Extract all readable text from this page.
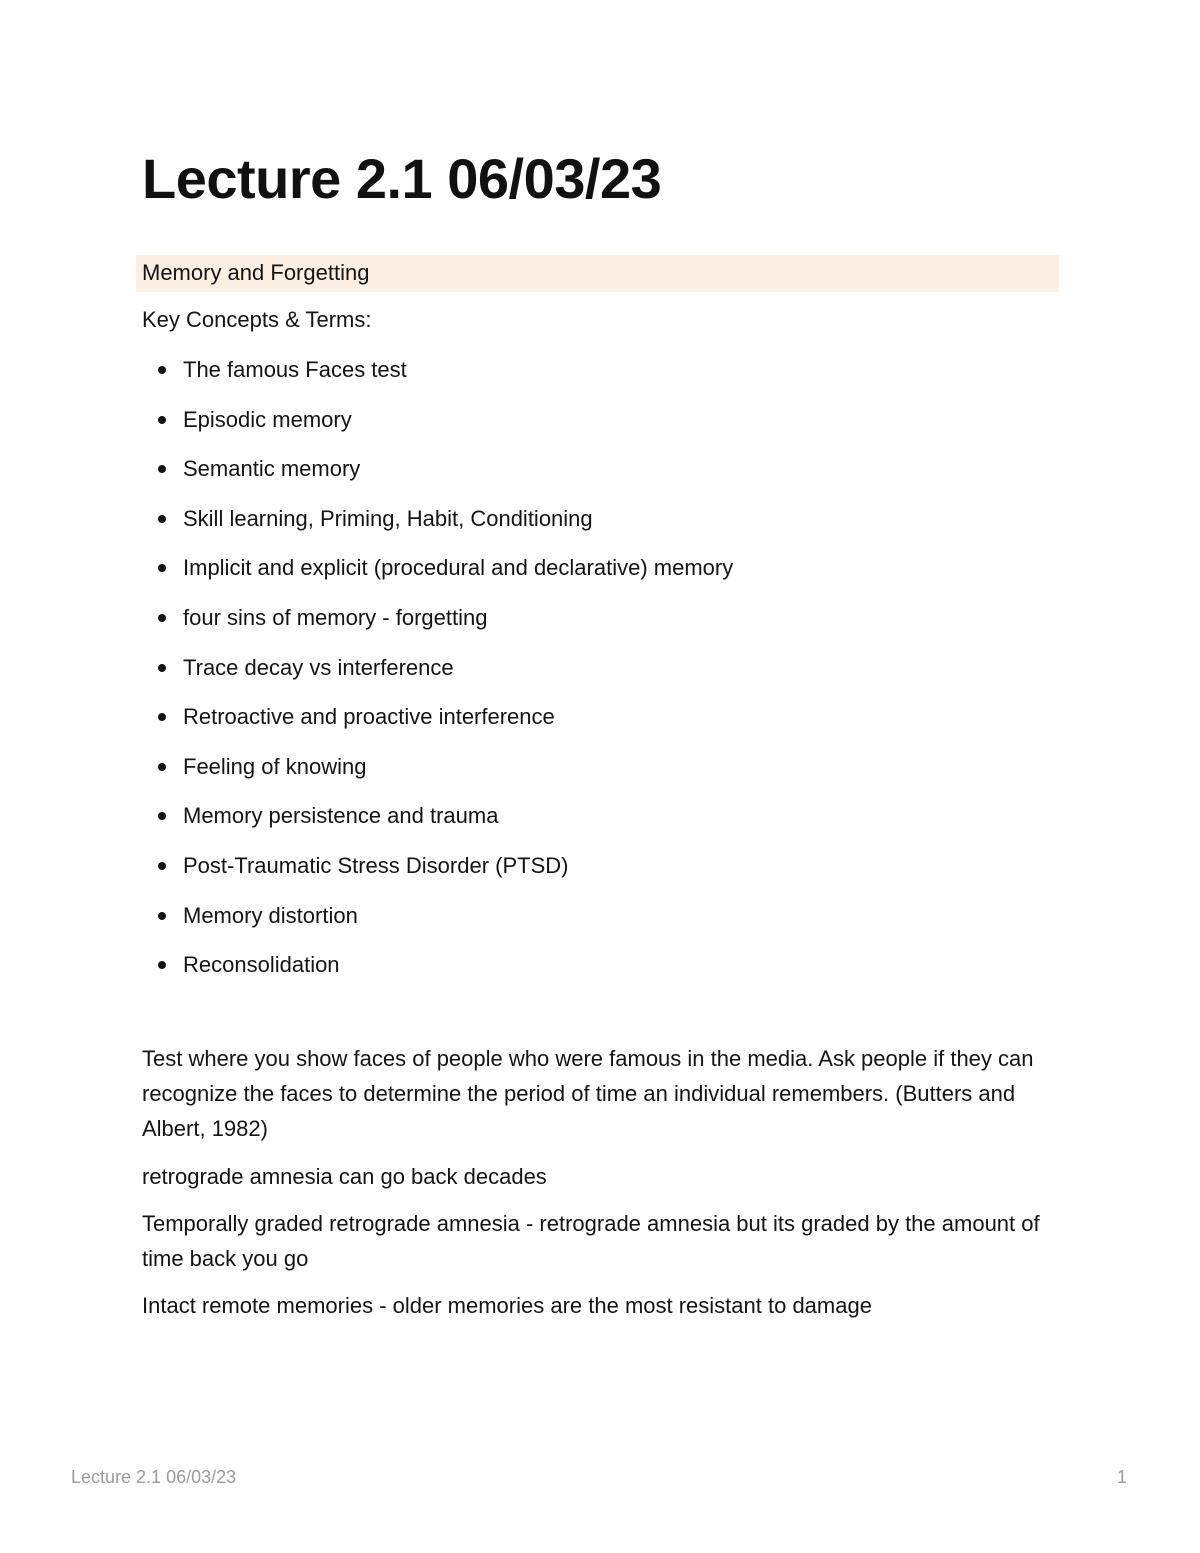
Lecture 2.1 06/03/23
Memory and Forgetting
Key Concepts & Terms:
The famous Faces test
Episodic memory
Semantic memory
Skill learning, Priming, Habit, Conditioning
Implicit and explicit (procedural and declarative) memory
four sins of memory - forgetting
Trace decay vs interference
Retroactive and proactive interference
Feeling of knowing
Memory persistence and trauma
Post-Traumatic Stress Disorder (PTSD)
Memory distortion
Reconsolidation

Test where you show faces of people who were famous in the media. Ask people if they can recognize the faces to determine the period of time an individual remembers. (Butters and Albert, 1982)

retrograde amnesia can go back decades

Temporally graded retrograde amnesia - retrograde amnesia but its graded by the amount of time back you go

Intact remote memories - older memories are the most resistant to damage

Lecture 2.1 06/03/23	1
